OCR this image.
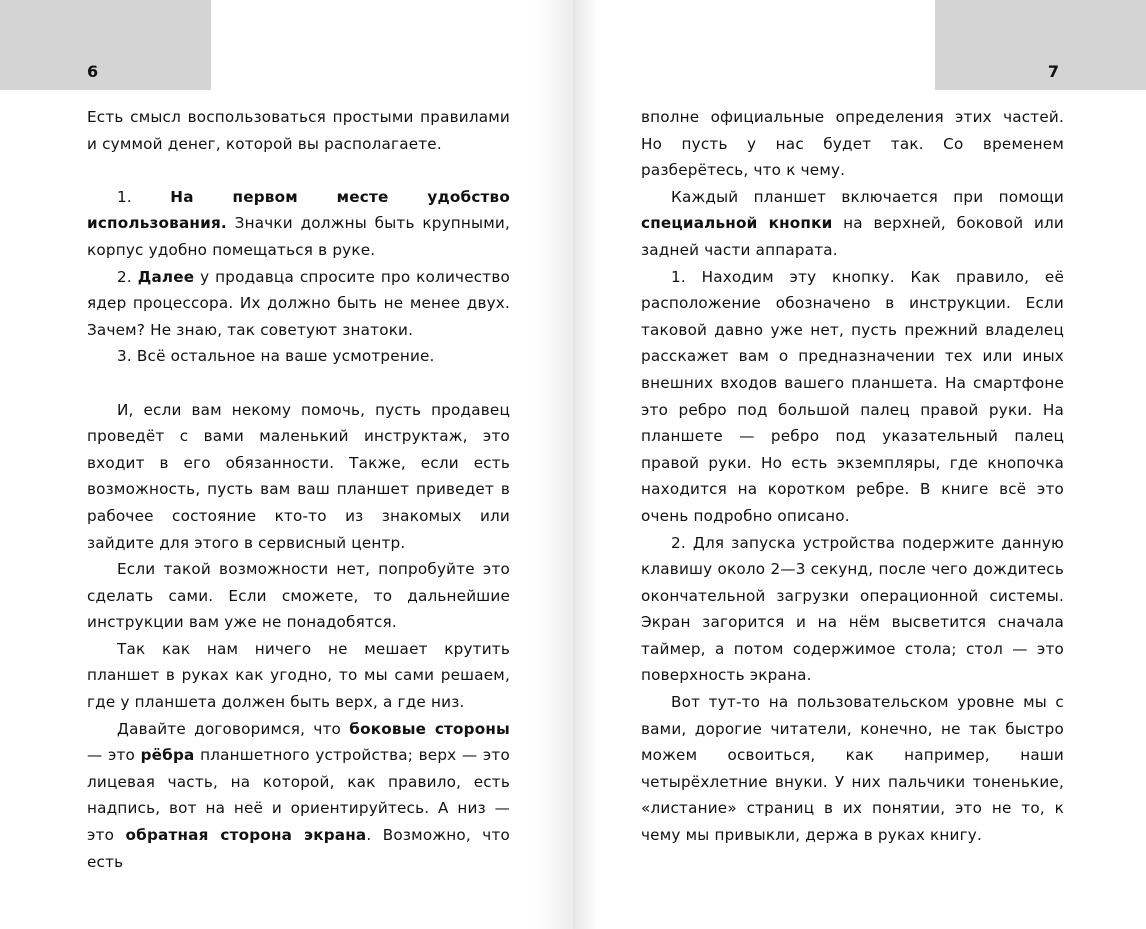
6

Есть смысл воспользоваться простыми правилами и суммой денег, которой вы располагаете.

1. На первом месте удобство использования. Значки должны быть крупными, корпус удобно помещаться в руке.

2. Далее у продавца спросите про количество ядер процессора. Их должно быть не менее двух. Зачем? Не знаю, так советуют знатоки.

3. Всё остальное на ваше усмотрение.

И, если вам некому помочь, пусть продавец проведёт с вами маленький инструктаж, это входит в его обязанности. Также, если есть возможность, пусть вам ваш планшет приведет в рабочее состояние кто-то из знакомых или зайдите для этого в сервисный центр.

Если такой возможности нет, попробуйте это сделать сами. Если сможете, то дальнейшие инструкции вам уже не понадобятся.

Так как нам ничего не мешает крутить планшет в руках как угодно, то мы сами решаем, где у планшета должен быть верх, а где низ.

Давайте договоримся, что боковые стороны — это рёбра планшетного устройства; верх — это лицевая часть, на которой, как правило, есть надпись, вот на неё и ориентируйтесь. А низ — это обратная сторона экрана. Возможно, что есть

7

вполне официальные определения этих частей. Но пусть у нас будет так. Со временем разберётесь, что к чему.

Каждый планшет включается при помощи специальной кнопки на верхней, боковой или задней части аппарата.

1. Находим эту кнопку. Как правило, её расположение обозначено в инструкции. Если таковой давно уже нет, пусть прежний владелец расскажет вам о предназначении тех или иных внешних входов вашего планшета. На смартфоне это ребро под большой палец правой руки. На планшете — ребро под указательный палец правой руки. Но есть экземпляры, где кнопочка находится на коротком ребре. В книге всё это очень подробно описано.

2. Для запуска устройства подержите данную клавишу около 2—3 секунд, после чего дождитесь окончательной загрузки операционной системы. Экран загорится и на нём высветится сначала таймер, а потом содержимое стола; стол — это поверхность экрана.

Вот тут-то на пользовательском уровне мы с вами, дорогие читатели, конечно, не так быстро можем освоиться, как например, наши четырёхлетние внуки. У них пальчики тоненькие, «листание» страниц в их понятии, это не то, к чему мы привыкли, держа в руках книгу.
